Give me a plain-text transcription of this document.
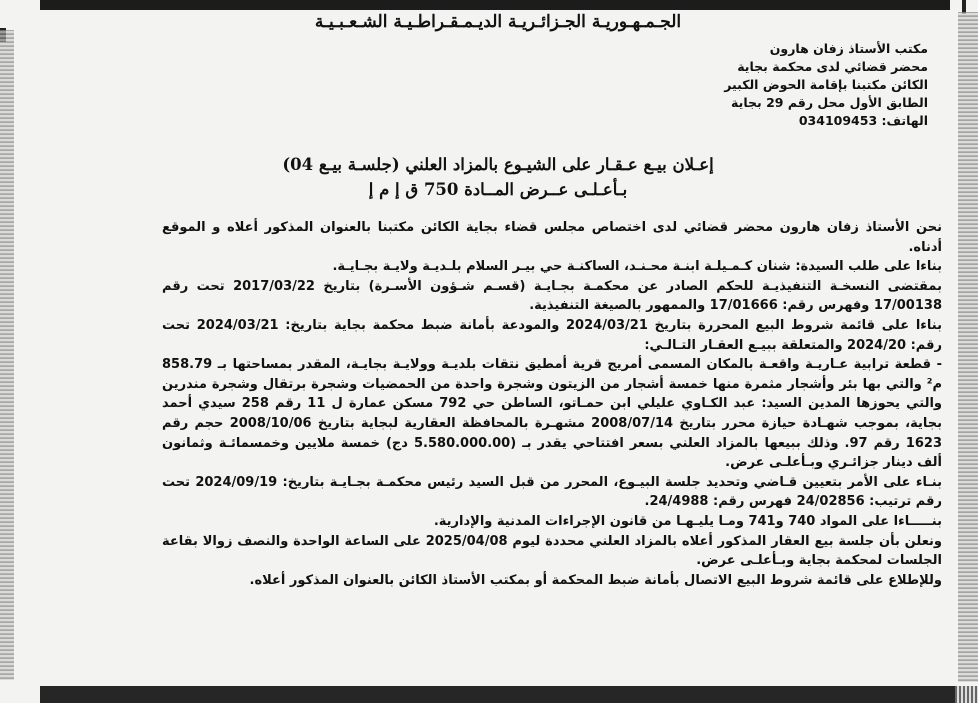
الجـمـهـوريـة الجـزائـريـة الديـمـقـراطـيـة الشـعـبـيـة
مكتب الأستاذ زفان هارون
محضر قضائي لدى محكمة بجاية
الكائن مكتبنا بإقامة الحوض الكبير
الطابق الأول محل رقم 29 بجاية
الهاتف: 034109453
إعـلان بيـع عـقـار على الشيـوع بالمزاد العلني (جلسـة بيـع 04)
بـأعـلـى عــرض المــادة 750 ق إ م إ

نحن الأستاذ زفان هارون محضر قضائي لدى اختصاص مجلس قضاء بجاية الكائن مكتبنا بالعنوان المذكور أعلاه و الموقع أدناه.

بناءا على طلب السيدة: شنان كـمـيلـة ابنـة محـنـد، الساكنـة حي بيـر السلام بلـديـة ولايـة بجـايـة.

بمقتضى النسخـة التنفيذيـة للحكم الصادر عن محكمـة بجـايـة (قسـم شـؤون الأسـرة) بتاريخ 2017/03/22 تحت رقم 17/00138 وفهرس رقم: 17/01666 والممهور بالصيغة التنفيذية.

بناءا على قائمة شروط البيع المحررة بتاريخ 2024/03/21 والمودعة بأمانة ضبط محكمة بجاية بتاريخ: 2024/03/21 تحت رقم: 2024/20 والمتعلقة ببيـع العقـار التـالـي:

- قطعة ترابية عـاريـة واقعـة بالمكان المسمى أمريج قرية أمطيق نتقات بلديـة وولايـة بجايـة، المقدر بمساحتها بـ 858.79 م² والتي بها بئر وأشجار مثمرة منها خمسة أشجار من الزيتون وشجرة واحدة من الحمضيات وشجرة برتقال وشجرة مندرين والتي يحوزها المدين السيد: عبد الكـاوي عليلي ابن حمـاتو، الساطن حي 792 مسكن عمارة ل 11 رقم 258 سيدي أحمد بجاية، بموجب شهـادة حيازة محرر بتاريخ 2008/07/14 مشهـرة بالمحافظة العقارية لبجاية بتاريخ 2008/10/06 حجم رقم 1623 رقم 97. وذلك ببيعها بالمزاد العلني بسعر افتتاحي يقدر بـ (5.580.000.00 دج) خمسة ملايين وخمسمائـة وثمانون ألف دينار جزائـري وبـأعلـى عرض.

بنـاء على الأمر بتعيين قـاضي وتحديد جلسة البيـوع، المحرر من قبل السيد رئيس محكمـة بجـايـة بتاريخ: 2024/09/19 تحت رقم ترتيب: 24/02856 فهرس رقم: 24/4988.

بنـــــاءا على المواد 740 و741 ومـا يليـهـا من قانون الإجراءات المدنية والإدارية.

ونعلن بأن جلسة بيع العقار المذكور أعلاه بالمزاد العلني محددة ليوم 2025/04/08 على الساعة الواحدة والنصف زوالا بقاعة الجلسات لمحكمة بجاية وبـأعلـى عرض.

وللإطلاع على قائمة شروط البيع الاتصال بأمانة ضبط المحكمة أو بمكتب الأستاذ الكائن بالعنوان المذكور أعلاه.
